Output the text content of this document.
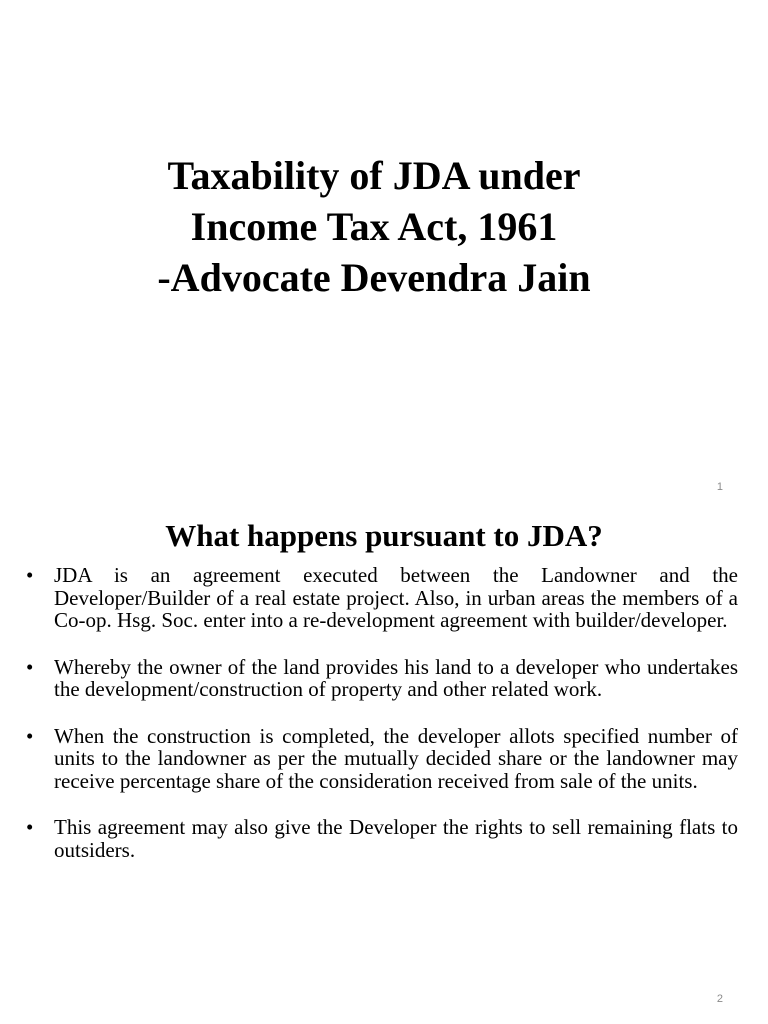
Taxability of JDA under
Income Tax Act, 1961
-Advocate Devendra Jain
1
What happens pursuant to JDA?
• JDA is an agreement executed between the Landowner and the Developer/Builder of a real estate project. Also, in urban areas the members of a Co-op. Hsg. Soc. enter into a re-development agreement with builder/developer.
• Whereby the owner of the land provides his land to a developer who undertakes the development/construction of property and other related work.
• When the construction is completed, the developer allots specified number of units to the landowner as per the mutually decided share or the landowner may receive percentage share of the consideration received from sale of the units.
• This agreement may also give the Developer the rights to sell remaining flats to outsiders.
2
